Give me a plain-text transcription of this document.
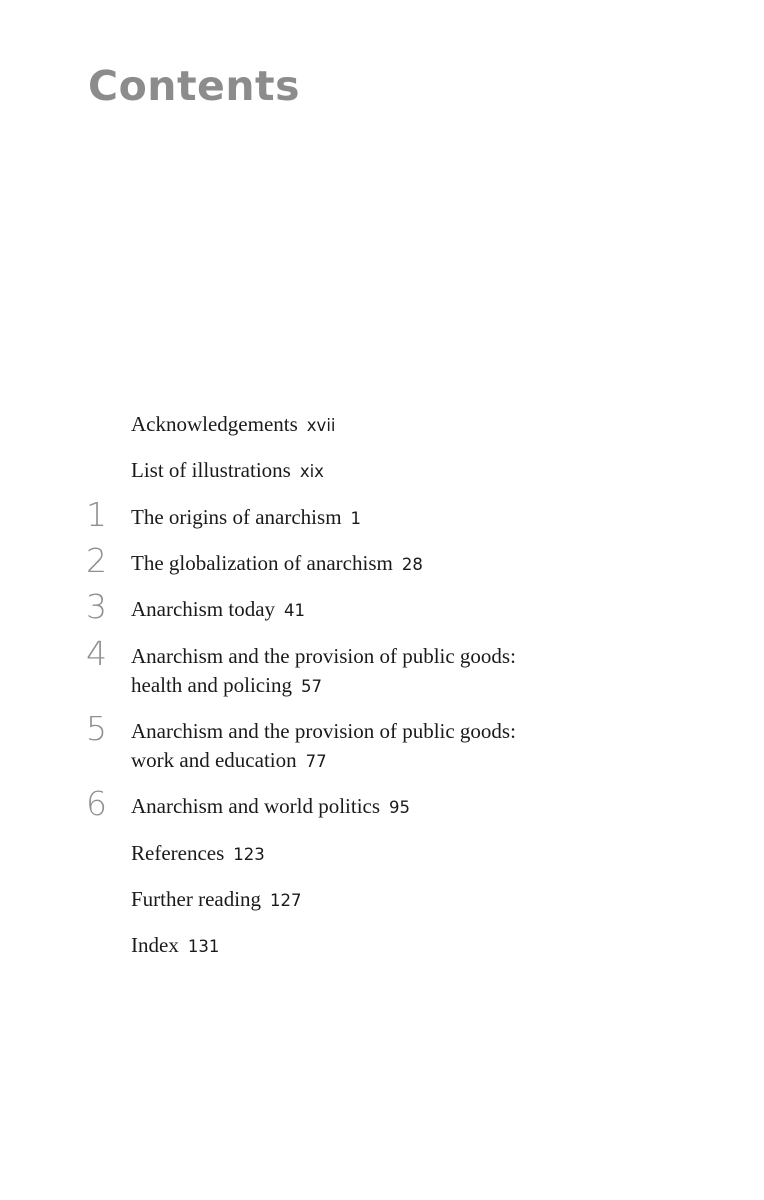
Contents
Acknowledgements xvii
List of illustrations xix
1 The origins of anarchism 1
2 The globalization of anarchism 28
3 Anarchism today 41
4 Anarchism and the provision of public goods:
health and policing 57
5 Anarchism and the provision of public goods:
work and education 77
6 Anarchism and world politics 95
References 123
Further reading 127
Index 131
